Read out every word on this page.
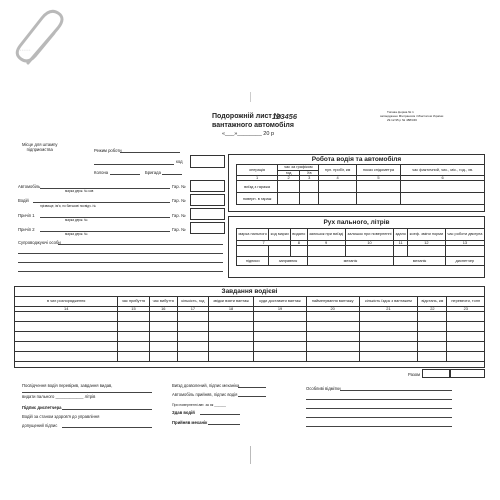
• • • • • • •
Подорожній лист №
123456
вантажного автомобіля
«___»________ 20 р
Типова форма № 1
затверджено Мінтрансом і Мінстатом України
29.12.95 р № 488/346
Місце для штампу
підприємства	Режим роботи
код
Колона	Бригада
Автомобіль
марка держ. № ков
Гар. №
Водій
прізвище, ім'я, по батькові посвідч. №
Гар. №
Причіп 1
марка держ. №
Гар. №
Причіп 2
марка держ. №
Гар. №
Супроводжуючі особи
Робота водія та автомобіля
операція	час за графіком		нул. пробіг, км	показ спідометра	час фактичний, чис., міс., год., хв.
	год	Хв			
1	2	3	4	5	6
виїзд з гаража					
поверн. в гараж					
Рух пального, літрів
марка пального	код марки	видано	залишок при виїзді	залишок при поверненні	здано	коеф. зміни норми	час роботи двигуна
7		8	9	10	11	12	13

підписи	заправник		механік		механік		диспетчер
Завдання водієві
в чиє розпорядження	час прибуття	час вибуття	кількість, год	звідки взяти вантаж	куди доставити вантаж	найменування вантажу	кількість їздок з вантажем	відстань, км	перевезти, тонн
14	15	16	17	18	19	20	21	22	23

Разом
Посвідчення водія перевірив, завдання видав,
видати пального ____________ літрів
Підпис диспетчера
Водій за станом здоров'я до управління
допущений підпис
Виїзд дозволений, підпис механіка
Автомобіль прийняв, підпис водія
При поверненні авт. за як ______
Здав водій
Прийняв механік
Особливі відмітки
